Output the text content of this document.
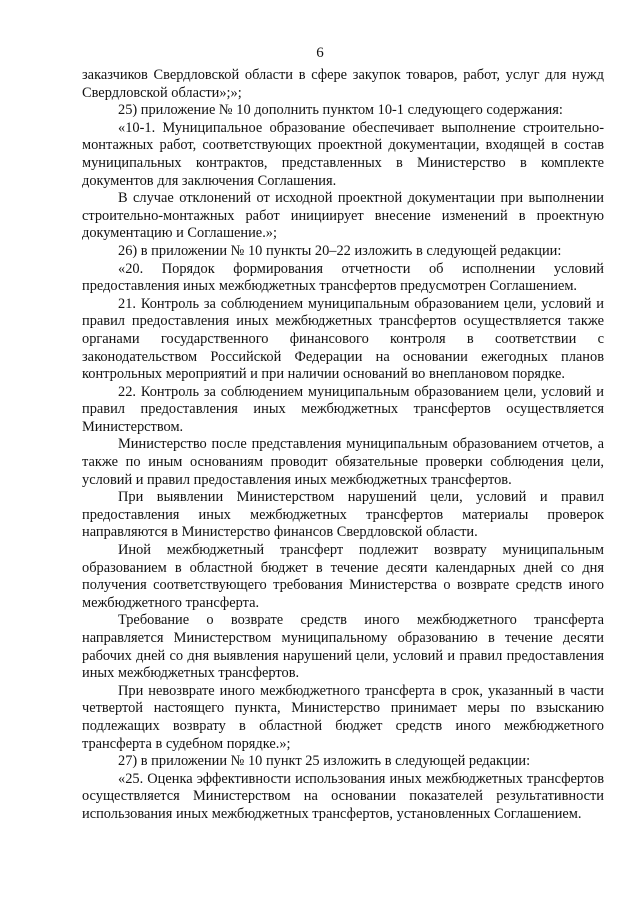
6

заказчиков Свердловской области в сфере закупок товаров, работ, услуг для нужд Свердловской области»;»;

25) приложение № 10 дополнить пунктом 10-1 следующего содержания:

«10-1. Муниципальное образование обеспечивает выполнение строительно-монтажных работ, соответствующих проектной документации, входящей в состав муниципальных контрактов, представленных в Министерство в комплекте документов для заключения Соглашения.

В случае отклонений от исходной проектной документации при выполнении строительно-монтажных работ инициирует внесение изменений в проектную документацию и Соглашение.»;

26) в приложении № 10 пункты 20–22 изложить в следующей редакции:

«20. Порядок формирования отчетности об исполнении условий предоставления иных межбюджетных трансфертов предусмотрен Соглашением.

21. Контроль за соблюдением муниципальным образованием цели, условий и правил предоставления иных межбюджетных трансфертов осуществляется также органами государственного финансового контроля в соответствии с законодательством Российской Федерации на основании ежегодных планов контрольных мероприятий и при наличии оснований во внеплановом порядке.

22. Контроль за соблюдением муниципальным образованием цели, условий и правил предоставления иных межбюджетных трансфертов осуществляется Министерством.

Министерство после представления муниципальным образованием отчетов, а также по иным основаниям проводит обязательные проверки соблюдения цели, условий и правил предоставления иных межбюджетных трансфертов.

При выявлении Министерством нарушений цели, условий и правил предоставления иных межбюджетных трансфертов материалы проверок направляются в Министерство финансов Свердловской области.

Иной межбюджетный трансферт подлежит возврату муниципальным образованием в областной бюджет в течение десяти календарных дней со дня получения соответствующего требования Министерства о возврате средств иного межбюджетного трансферта.

Требование о возврате средств иного межбюджетного трансферта направляется Министерством муниципальному образованию в течение десяти рабочих дней со дня выявления нарушений цели, условий и правил предоставления иных межбюджетных трансфертов.

При невозврате иного межбюджетного трансферта в срок, указанный в части четвертой настоящего пункта, Министерство принимает меры по взысканию подлежащих возврату в областной бюджет средств иного межбюджетного трансферта в судебном порядке.»;

27) в приложении № 10 пункт 25 изложить в следующей редакции:

«25. Оценка эффективности использования иных межбюджетных трансфертов осуществляется Министерством на основании показателей результативности использования иных межбюджетных трансфертов, установленных Соглашением.
